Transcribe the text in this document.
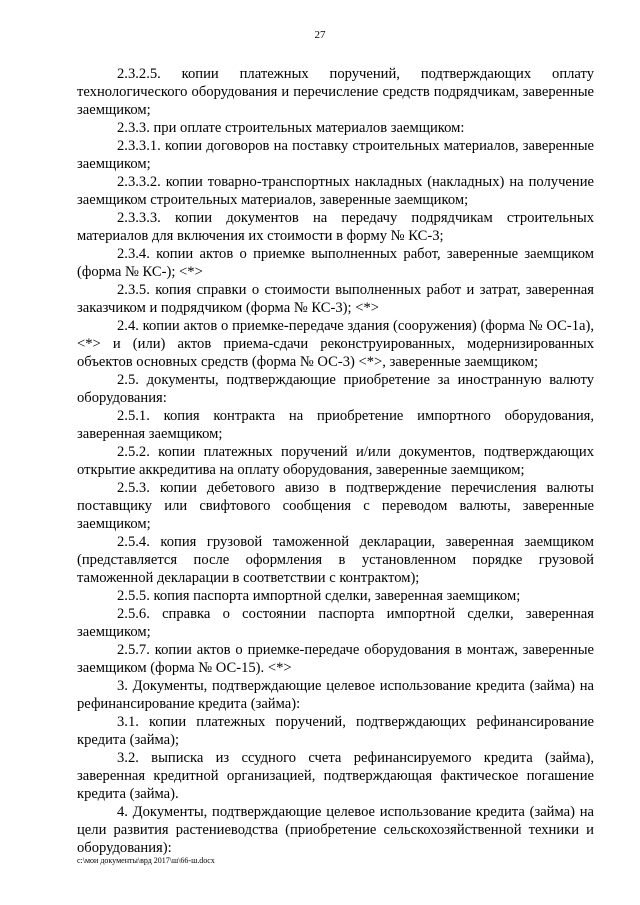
27

2.3.2.5. копии платежных поручений, подтверждающих оплату технологического оборудования и перечисление средств подрядчикам, заверенные заемщиком;

2.3.3. при оплате строительных материалов заемщиком:

2.3.3.1. копии договоров на поставку строительных материалов, заверенные заемщиком;

2.3.3.2. копии товарно-транспортных накладных (накладных) на получение заемщиком строительных материалов, заверенные заемщиком;

2.3.3.3. копии документов на передачу подрядчикам строительных материалов для включения их стоимости в форму № КС-3;

2.3.4. копии актов о приемке выполненных работ, заверенные заемщиком (форма № КС-); <*>

2.3.5. копия справки о стоимости выполненных работ и затрат, заверенная заказчиком и подрядчиком (форма № КС-3); <*>

2.4. копии актов о приемке-передаче здания (сооружения) (форма № ОС-1а), <*> и (или) актов приема-сдачи реконструированных, модернизированных объектов основных средств (форма № ОС-3) <*>, заверенные заемщиком;

2.5. документы, подтверждающие приобретение за иностранную валюту оборудования:

2.5.1. копия контракта на приобретение импортного оборудования, заверенная заемщиком;

2.5.2. копии платежных поручений и/или документов, подтверждающих открытие аккредитива на оплату оборудования, заверенные заемщиком;

2.5.3. копии дебетового авизо в подтверждение перечисления валюты поставщику или свифтового сообщения с переводом валюты, заверенные заемщиком;

2.5.4. копия грузовой таможенной декларации, заверенная заемщиком (представляется после оформления в установленном порядке грузовой таможенной декларации в соответствии с контрактом);

2.5.5. копия паспорта импортной сделки, заверенная заемщиком;

2.5.6. справка о состоянии паспорта импортной сделки, заверенная заемщиком;

2.5.7. копии актов о приемке-передаче оборудования в монтаж, заверенные заемщиком (форма № ОС-15). <*>

3. Документы, подтверждающие целевое использование кредита (займа) на рефинансирование кредита (займа):

3.1. копии платежных поручений, подтверждающих рефинансирование кредита (займа);

3.2. выписка из ссудного счета рефинансируемого кредита (займа), заверенная кредитной организацией, подтверждающая фактическое погашение кредита (займа).

4. Документы, подтверждающие целевое использование кредита (займа) на цели развития растениеводства (приобретение сельскохозяйственной техники и оборудования):

c:\мои документы\врд 2017\ш\66-ш.docx
